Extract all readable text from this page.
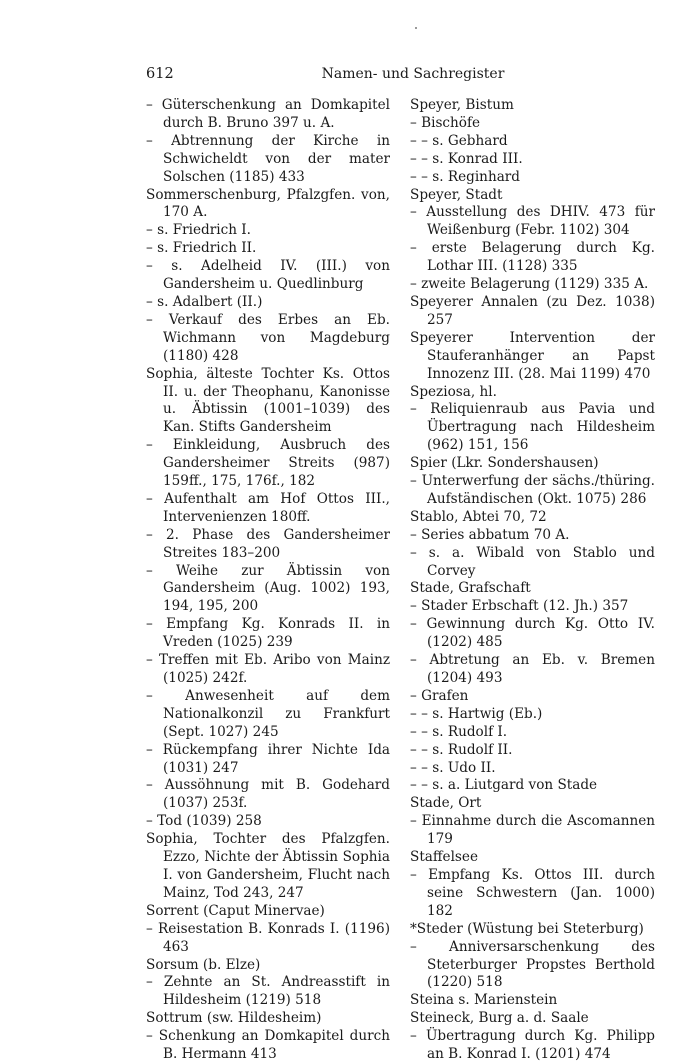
612	Namen- und Sachregister

– Güterschenkung an Domkapitel durch B. Bruno 397 u. A.

– Abtrennung der Kirche in Schwicheldt von der mater Solschen (1185) 433

Sommerschenburg, Pfalzgfen. von, 170 A.

– s. Friedrich I.

– s. Friedrich II.

– s. Adelheid IV. (III.) von Gandersheim u. Quedlinburg

– s. Adalbert (II.)

– Verkauf des Erbes an Eb. Wichmann von Magdeburg (1180) 428

Sophia, älteste Tochter Ks. Ottos II. u. der Theophanu, Kanonisse u. Äbtissin (1001–1039) des Kan. Stifts Gandersheim

– Einkleidung, Ausbruch des Gandersheimer Streits (987) 159ff., 175, 176f., 182

– Aufenthalt am Hof Ottos III., Intervenienzen 180ff.

– 2. Phase des Gandersheimer Streites 183–200

– Weihe zur Äbtissin von Gandersheim (Aug. 1002) 193, 194, 195, 200

– Empfang Kg. Konrads II. in Vreden (1025) 239

– Treffen mit Eb. Aribo von Mainz (1025) 242f.

– Anwesenheit auf dem Nationalkonzil zu Frankfurt (Sept. 1027) 245

– Rückempfang ihrer Nichte Ida (1031) 247

– Aussöhnung mit B. Godehard (1037) 253f.

– Tod (1039) 258

Sophia, Tochter des Pfalzgfen. Ezzo, Nichte der Äbtissin Sophia I. von Gandersheim, Flucht nach Mainz, Tod 243, 247

Sorrent (Caput Minervae)

– Reisestation B. Konrads I. (1196) 463

Sorsum (b. Elze)

– Zehnte an St. Andreasstift in Hildesheim (1219) 518

Sottrum (sw. Hildesheim)

– Schenkung an Domkapitel durch B. Hermann 413

Speyer, Bistum

– Bischöfe

– – s. Gebhard

– – s. Konrad III.

– – s. Reginhard

Speyer, Stadt

– Ausstellung des DHIV. 473 für Weißenburg (Febr. 1102) 304

– erste Belagerung durch Kg. Lothar III. (1128) 335

– zweite Belagerung (1129) 335 A.

Speyerer Annalen (zu Dez. 1038) 257

Speyerer Intervention der Stauferanhänger an Papst Innozenz III. (28. Mai 1199) 470

Speziosa, hl.

– Reliquienraub aus Pavia und Übertragung nach Hildesheim (962) 151, 156

Spier (Lkr. Sondershausen)

– Unterwerfung der sächs./thüring. Aufständischen (Okt. 1075) 286

Stablo, Abtei 70, 72

– Series abbatum 70 A.

– s. a. Wibald von Stablo und Corvey

Stade, Grafschaft

– Stader Erbschaft (12. Jh.) 357

– Gewinnung durch Kg. Otto IV. (1202) 485

– Abtretung an Eb. v. Bremen (1204) 493

– Grafen

– – s. Hartwig (Eb.)

– – s. Rudolf I.

– – s. Rudolf II.

– – s. Udo II.

– – s. a. Liutgard von Stade

Stade, Ort

– Einnahme durch die Ascomannen 179

Staffelsee

– Empfang Ks. Ottos III. durch seine Schwestern (Jan. 1000) 182

*Steder (Wüstung bei Steterburg)

– Anniversarschenkung des Steterburger Propstes Berthold (1220) 518

Steina s. Marienstein

Steineck, Burg a. d. Saale

– Übertragung durch Kg. Philipp an B. Konrad I. (1201) 474
